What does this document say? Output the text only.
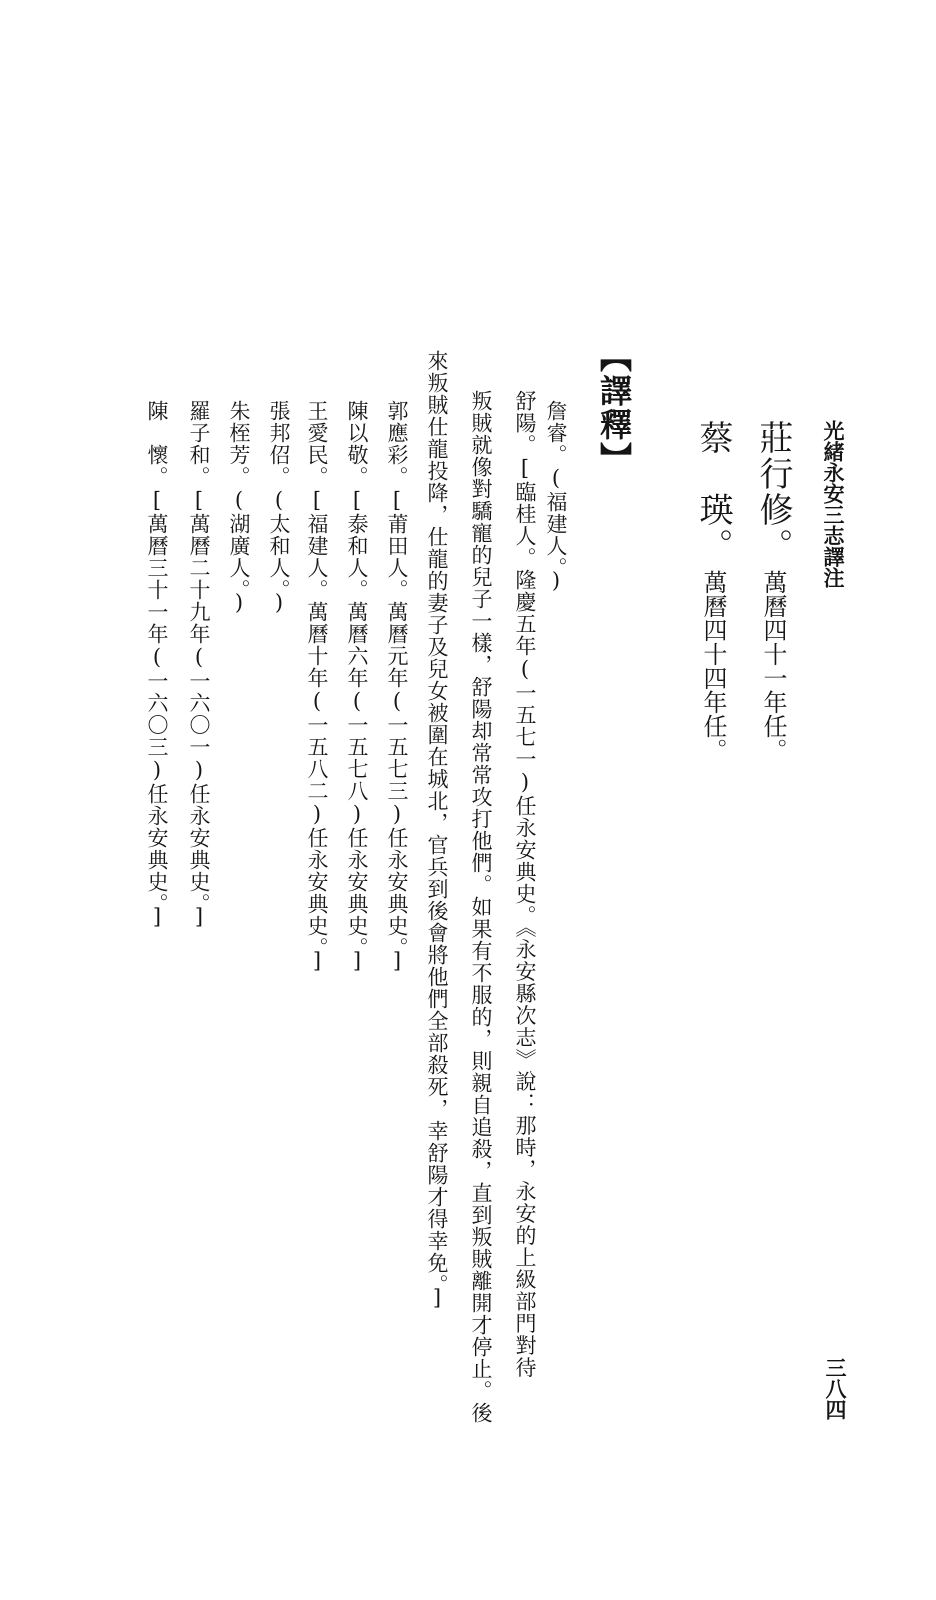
光緒永安三志譯注
三八四
莊行修。萬曆四十一年任。
蔡　瑛。萬曆四十四年任。
【譯釋】
詹睿。(福建人。)
舒陽。[臨桂人。隆慶五年(一五七一)任永安典史。《永安縣次志》說：那時，永安的上級部門對待
叛賊就像對驕寵的兒子一樣，舒陽却常常攻打他們。如果有不服的，則親自追殺，直到叛賊離開才停止。後
來叛賊仕龍投降，仕龍的妻子及兒女被圍在城北，官兵到後會將他們全部殺死，幸舒陽才得幸免。]
郭應彩。[莆田人。萬曆元年(一五七三)任永安典史。]
陳以敬。[泰和人。萬曆六年(一五七八)任永安典史。]
王愛民。[福建人。萬曆十年(一五八二)任永安典史。]
張邦佋。(太和人。)
朱桎芳。(湖廣人。)
羅子和。[萬曆二十九年(一六〇一)任永安典史。]
陳　懷。[萬曆三十一年(一六〇三)任永安典史。]
